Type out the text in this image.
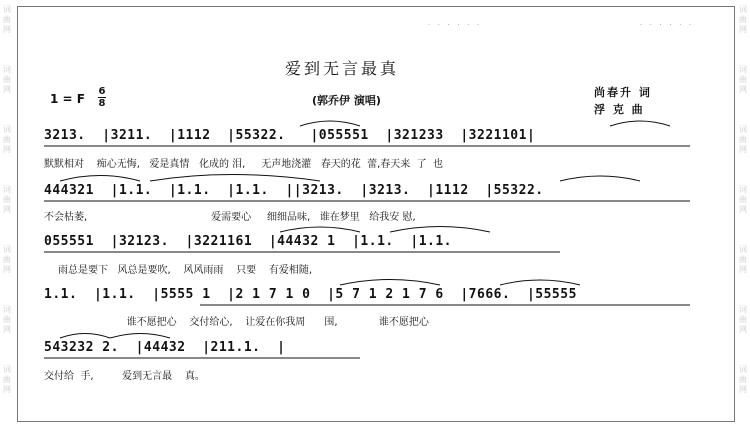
词
曲
网
词
曲
网
词
曲
网
词
曲
网
词
曲
网
词
曲
网
词
曲
网
词
曲
网
词
曲
网
词
曲
网
词
曲
网
词
曲
网
词
曲
网
词
曲
网
. . . . . .	. . . . . .
爱到无言最真
1 = F
6
8	(郭乔伊 演唱)
尚春升 词
浮 克 曲
3213.  |3211.  |1112  |55322.   |055551  |321233  |3221101|
默默相对    痴心无悔,   爱是真情   化成的 泪,     无声地浇灌   春天的花  蕾,春天来  了  也
444321  |1.1.  |1.1.  |1.1.  ||3213.  |3213.  |1112  |55322.
不会枯萎,                                       爱需要心     细细品味,   谁在梦里   给我安 慰,
055551  |32123.  |3221161  |44432 1  |1.1.  |1.1.
雨总是要下   风总是要吹,    风风雨雨    只要    有爱相随,
1.1.  |1.1.  |5555 1  |2 1 7 1 0  |5 7 1 2 1 7 6  |7666.  |55555
谁不愿把心    交付给心,    让爱在你我周      围,             谁不愿把心
543232 2.  |44432  |211.1.  |
交付给  手,         爱到无言最    真。
